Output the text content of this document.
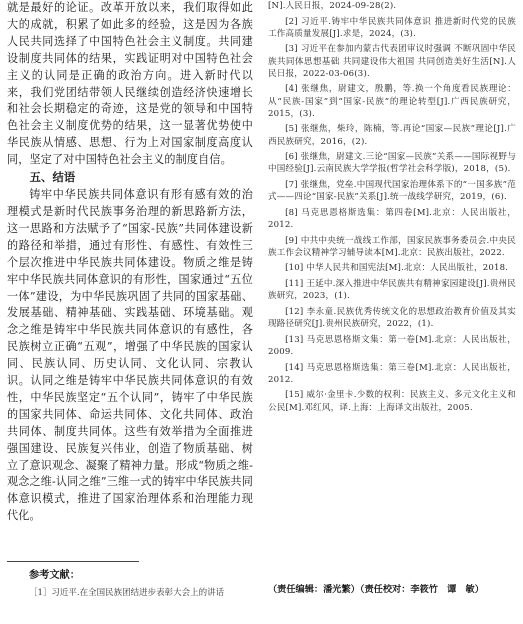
就是最好的论证。改革开放以来，我们取得如此大的成就，积累了如此多的经验，这是因为各族人民共同选择了中国特色社会主义制度。共同建设制度共同体的结果，实践证明对中国特色社会主义的认同是正确的政治方向。进入新时代以来，我们党团结带领人民继续创造经济快速增长和社会长期稳定的奇迹，这是党的领导和中国特色社会主义制度优势的结果，这一显著优势使中华民族从情感、思想、行为上对国家制度高度认同，坚定了对中国特色社会主义的制度自信。

五、结语

铸牢中华民族共同体意识有形有感有效的治理模式是新时代民族事务治理的新思路新方法，这一思路和方法赋予了“国家-民族”共同体建设新的路径和举措，通过有形性、有感性、有效性三个层次推进中华民族共同体建设。物质之维是铸牢中华民族共同体意识的有形性，国家通过“五位一体”建设，为中华民族巩固了共同的国家基础、发展基础、精神基础、实践基础、环境基础。观念之维是铸牢中华民族共同体意识的有感性，各民族树立正确“五观”，增强了中华民族的国家认同、民族认同、历史认同、文化认同、宗教认识。认同之维是铸牢中华民族共同体意识的有效性，中华民族坚定“五个认同”，铸牢了中华民族的国家共同体、命运共同体、文化共同体、政治共同体、制度共同体。这些有效举措为全面推进强国建设、民族复兴伟业，创造了物质基础、树立了意识观念、凝聚了精神力量。形成“物质之维-观念之维-认同之维”三维一式的铸牢中华民族共同体意识模式，推进了国家治理体系和治理能力现代化。

参考文献：
［1］习近平.在全国民族团结进步表彰大会上的讲话

[N].人民日报，2024-09-28(2).

[2] 习近平.铸牢中华民族共同体意识 推进新时代党的民族工作高质量发展[J].求是，2024，(3).

[3] 习近平在参加内蒙古代表团审议时强调 不断巩固中华民族共同体思想基础 共同建设伟大祖国 共同创造美好生活[N].人民日报，2022-03-06(3).

[4] 张继焦，尉建文，殷鹏，等.换一个角度看民族理论：从“民族-国家”到“国家-民族”的理论转型[J].广西民族研究，2015，(3).

[5] 张继焦，柴玲，陈楠，等.再论“国家—民族”理论[J].广西民族研究，2016，(2).

[6] 张继焦，尉建文.三论“国家—民族”关系——国际视野与中国经验[J].云南民族大学学报(哲学社会科学版)，2018，(5).

[7] 张继焦，党垒.中国现代国家治理体系下的“一国多族”范式——四论“国家-民族”关系[J].统一战线学研究，2019，(6).

[8] 马克思恩格斯选集：第四卷[M].北京：人民出版社，2012.

[9] 中共中央统一战线工作部，国家民族事务委员会.中央民族工作会议精神学习辅导读本[M].北京：民族出版社，2022.

[10] 中华人民共和国宪法[M].北京：人民出版社，2018.

[11] 王延中.深入推进中华民族共有精神家园建设[J].贵州民族研究，2023，(1).

[12] 李永童.民族优秀传统文化的思想政治教育价值及其实现路径研究[J].贵州民族研究，2022，(1).

[13] 马克思恩格斯文集：第一卷[M].北京：人民出版社，2009.

[14] 马克思恩格斯选集：第三卷[M].北京：人民出版社，2012.

[15] 威尔·金里卡.少数的权利：民族主义、多元文化主义和公民[M].邓红风，译.上海：上海译文出版社，2005.

（责任编辑：潘光繁）（责任校对：李筱竹　谭　敏）
